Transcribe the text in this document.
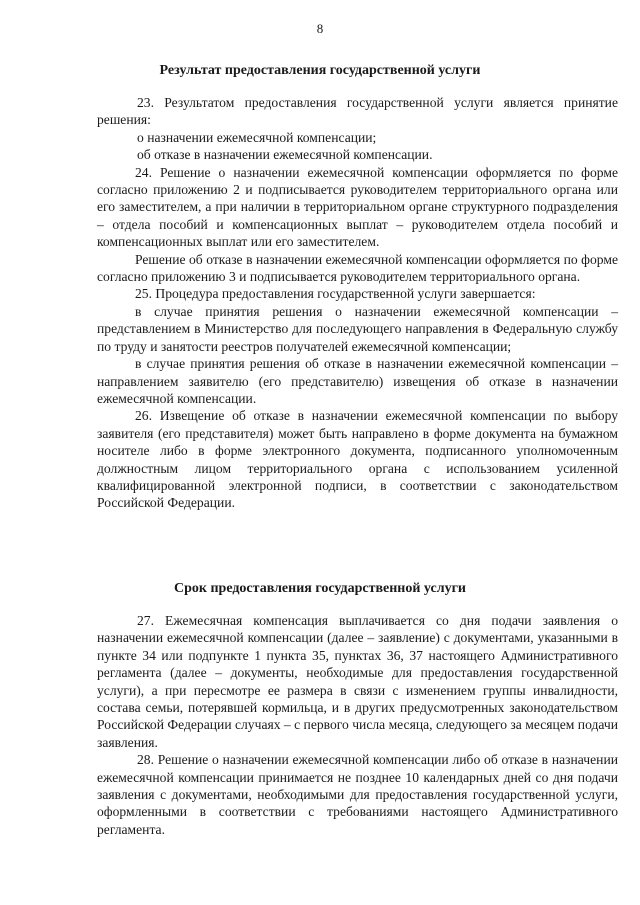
8
Результат предоставления государственной услуги

23. Результатом предоставления государственной услуги является принятие решения:

о назначении ежемесячной компенсации;

об отказе в назначении ежемесячной компенсации.

24. Решение о назначении ежемесячной компенсации оформляется по форме согласно приложению 2 и подписывается руководителем территориального органа или его заместителем, а при наличии в территориальном органе структурного подразделения – отдела пособий и компенсационных выплат – руководителем отдела пособий и компенсационных выплат или его заместителем.

Решение об отказе в назначении ежемесячной компенсации оформляется по форме согласно приложению 3 и подписывается руководителем территориального органа.

25. Процедура предоставления государственной услуги завершается:

в случае принятия решения о назначении ежемесячной компенсации – представлением в Министерство для последующего направления в Федеральную службу по труду и занятости реестров получателей ежемесячной компенсации;

в случае принятия решения об отказе в назначении ежемесячной компенсации – направлением заявителю (его представителю) извещения об отказе в назначении ежемесячной компенсации.

26. Извещение об отказе в назначении ежемесячной компенсации по выбору заявителя (его представителя) может быть направлено в форме документа на бумажном носителе либо в форме электронного документа, подписанного уполномоченным должностным лицом территориального органа с использованием усиленной квалифицированной электронной подписи, в соответствии с законодательством Российской Федерации.

Срок предоставления государственной услуги

27. Ежемесячная компенсация выплачивается со дня подачи заявления о назначении ежемесячной компенсации (далее – заявление) с документами, указанными в пункте 34 или подпункте 1 пункта 35, пунктах 36, 37 настоящего Административного регламента (далее – документы, необходимые для предоставления государственной услуги), а при пересмотре ее размера в связи с изменением группы инвалидности, состава семьи, потерявшей кормильца, и в других предусмотренных законодательством Российской Федерации случаях – с первого числа месяца, следующего за месяцем подачи заявления.

28. Решение о назначении ежемесячной компенсации либо об отказе в назначении ежемесячной компенсации принимается не позднее 10 календарных дней со дня подачи заявления с документами, необходимыми для предоставления государственной услуги, оформленными в соответствии с требованиями настоящего Административного регламента.
